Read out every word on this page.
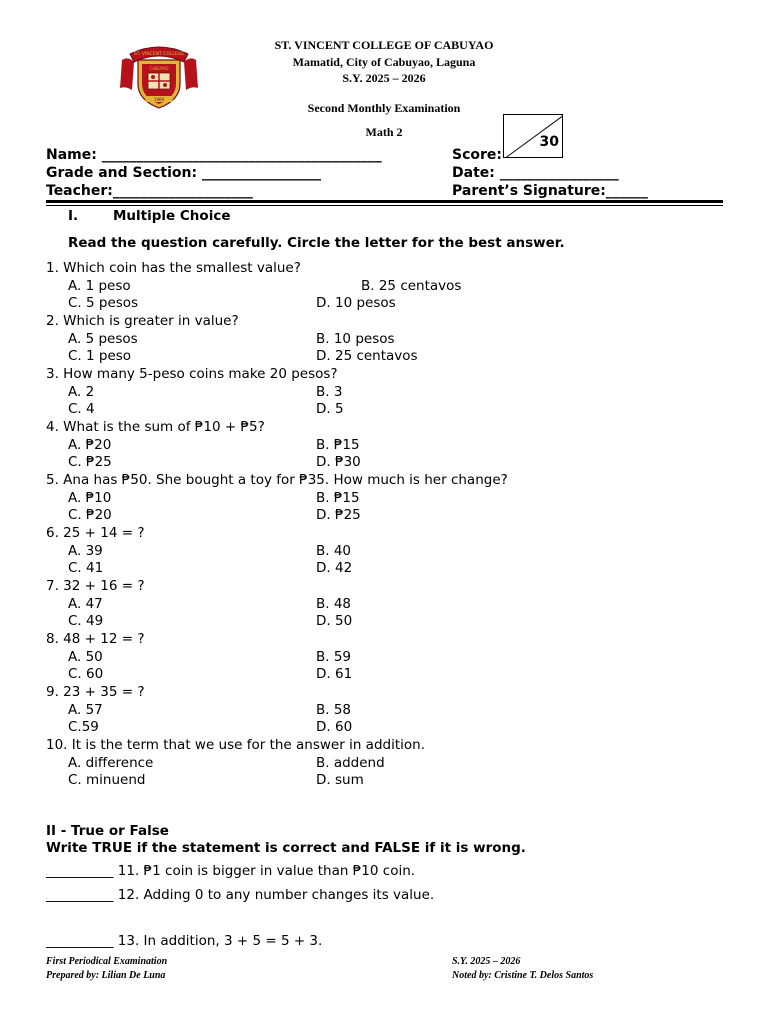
ST. VINCENT COLLEGE
CABUYAO
1969
ST. VINCENT COLLEGE OF CABUYAO
Mamatid, City of Cabuyao, Laguna
S.Y. 2025 – 2026
Second Monthly Examination
Math 2
30
Name: ________________________________________
Grade and Section: _________________
Teacher:____________________
Score:
Date: _________________
Parent’s Signature:______
I.	Multiple Choice
Read the question carefully. Circle the letter for the best answer.
1. Which coin has the smallest value?
A. 1 peso	B. 25 centavos
C. 5 pesos	D. 10 pesos
2. Which is greater in value?
A. 5 pesos	B. 10 pesos
C. 1 peso	D. 25 centavos
3. How many 5-peso coins make 20 pesos?
A. 2	B. 3
C. 4	D. 5
4. What is the sum of ₱10 + ₱5?
A. ₱20	B. ₱15
C. ₱25	D. ₱30
5. Ana has ₱50. She bought a toy for ₱35. How much is her change?
A. ₱10	B. ₱15
C. ₱20	D. ₱25
6. 25 + 14 = ?
A. 39	B. 40
C. 41	D. 42
7. 32 + 16 = ?
A. 47	B. 48
C. 49	D. 50
8. 48 + 12 = ?
A. 50	B. 59
C. 60	D. 61
9. 23 + 35 = ?
A. 57	B. 58
C.59	D. 60
10. It is the term that we use for the answer in addition.
A. difference	B. addend
C. minuend	D. sum
II - True or False
Write TRUE if the statement is correct and FALSE if it is wrong.
__________ 11. ₱1 coin is bigger in value than ₱10 coin.
__________ 12. Adding 0 to any number changes its value.
__________ 13. In addition, 3 + 5 = 5 + 3.
First Periodical Examination
Prepared by: Lilian De Luna
S.Y. 2025 – 2026
Noted by: Cristine T. Delos Santos
